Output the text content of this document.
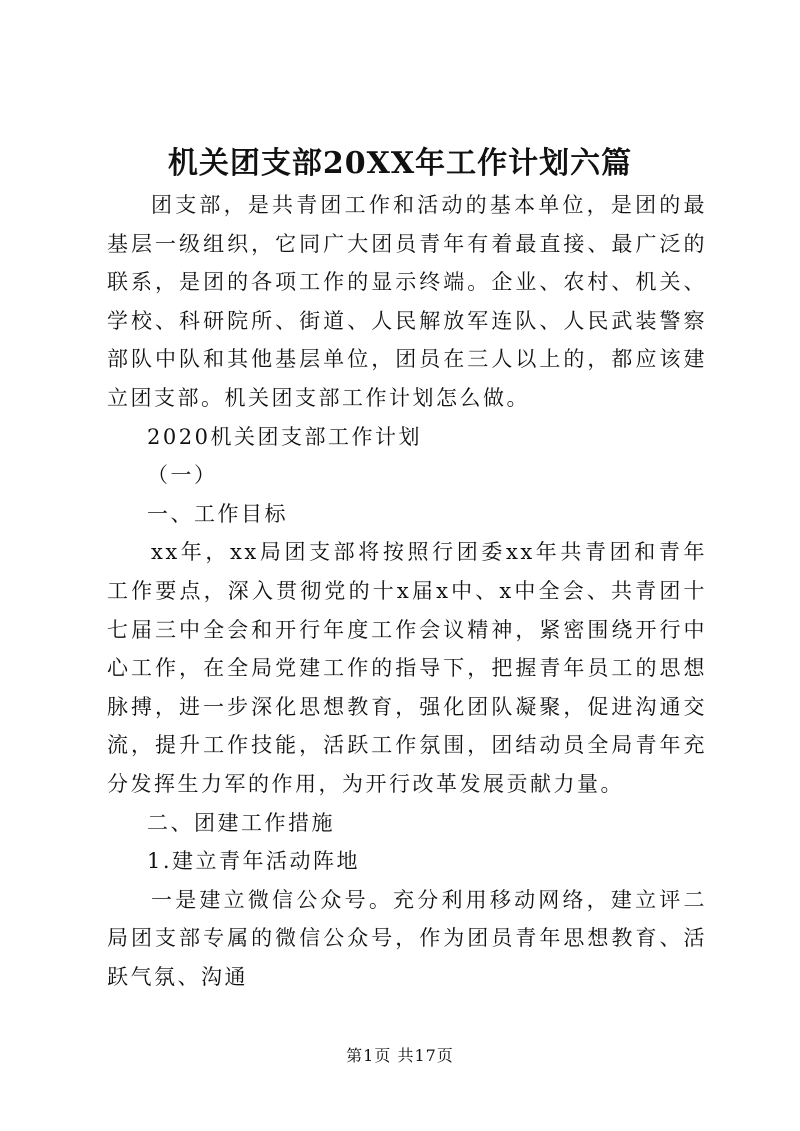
机关团支部20XX年工作计划六篇

团支部，是共青团工作和活动的基本单位，是团的最基层一级组织，它同广大团员青年有着最直接、最广泛的联系，是团的各项工作的显示终端。企业、农村、机关、学校、科研院所、街道、人民解放军连队、人民武装警察部队中队和其他基层单位，团员在三人以上的，都应该建立团支部。机关团支部工作计划怎么做。

2020机关团支部工作计划

（一）

一、工作目标

xx年，xx局团支部将按照行团委xx年共青团和青年工作要点，深入贯彻党的十x届x中、x中全会、共青团十七届三中全会和开行年度工作会议精神，紧密围绕开行中心工作，在全局党建工作的指导下，把握青年员工的思想脉搏，进一步深化思想教育，强化团队凝聚，促进沟通交流，提升工作技能，活跃工作氛围，团结动员全局青年充分发挥生力军的作用，为开行改革发展贡献力量。

二、团建工作措施

1.建立青年活动阵地

一是建立微信公众号。充分利用移动网络，建立评二局团支部专属的微信公众号，作为团员青年思想教育、活跃气氛、沟通

第1页 共17页
